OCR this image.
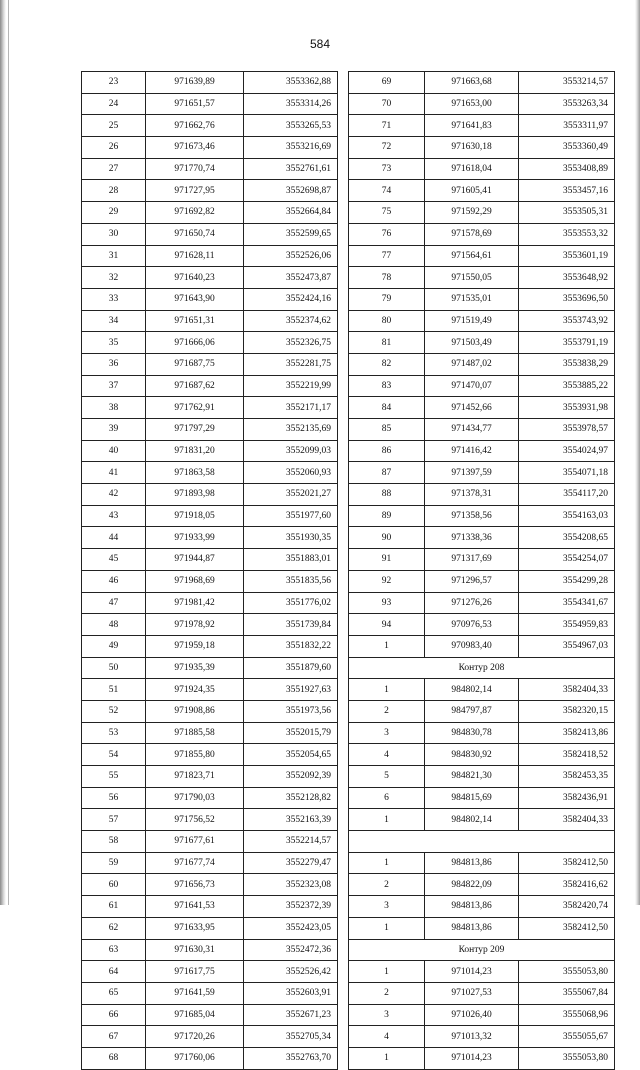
584
23	971639,89	3553362,88
24	971651,57	3553314,26
25	971662,76	3553265,53
26	971673,46	3553216,69
27	971770,74	3552761,61
28	971727,95	3552698,87
29	971692,82	3552664,84
30	971650,74	3552599,65
31	971628,11	3552526,06
32	971640,23	3552473,87
33	971643,90	3552424,16
34	971651,31	3552374,62
35	971666,06	3552326,75
36	971687,75	3552281,75
37	971687,62	3552219,99
38	971762,91	3552171,17
39	971797,29	3552135,69
40	971831,20	3552099,03
41	971863,58	3552060,93
42	971893,98	3552021,27
43	971918,05	3551977,60
44	971933,99	3551930,35
45	971944,87	3551883,01
46	971968,69	3551835,56
47	971981,42	3551776,02
48	971978,92	3551739,84
49	971959,18	3551832,22
50	971935,39	3551879,60
51	971924,35	3551927,63
52	971908,86	3551973,56
53	971885,58	3552015,79
54	971855,80	3552054,65
55	971823,71	3552092,39
56	971790,03	3552128,82
57	971756,52	3552163,39
58	971677,61	3552214,57
59	971677,74	3552279,47
60	971656,73	3552323,08
61	971641,53	3552372,39
62	971633,95	3552423,05
63	971630,31	3552472,36
64	971617,75	3552526,42
65	971641,59	3552603,91
66	971685,04	3552671,23
67	971720,26	3552705,34
68	971760,06	3552763,70
69	971663,68	3553214,57
70	971653,00	3553263,34
71	971641,83	3553311,97
72	971630,18	3553360,49
73	971618,04	3553408,89
74	971605,41	3553457,16
75	971592,29	3553505,31
76	971578,69	3553553,32
77	971564,61	3553601,19
78	971550,05	3553648,92
79	971535,01	3553696,50
80	971519,49	3553743,92
81	971503,49	3553791,19
82	971487,02	3553838,29
83	971470,07	3553885,22
84	971452,66	3553931,98
85	971434,77	3553978,57
86	971416,42	3554024,97
87	971397,59	3554071,18
88	971378,31	3554117,20
89	971358,56	3554163,03
90	971338,36	3554208,65
91	971317,69	3554254,07
92	971296,57	3554299,28
93	971276,26	3554341,67
94	970976,53	3554959,83
1	970983,40	3554967,03
Контур 208		
1	984802,14	3582404,33
2	984797,87	3582320,15
3	984830,78	3582413,86
4	984830,92	3582418,52
5	984821,30	3582453,35
6	984815,69	3582436,91
1	984802,14	3582404,33

1	984813,86	3582412,50
2	984822,09	3582416,62
3	984813,86	3582420,74
1	984813,86	3582412,50
Контур 209		
1	971014,23	3555053,80
2	971027,53	3555067,84
3	971026,40	3555068,96
4	971013,32	3555055,67
1	971014,23	3555053,80
